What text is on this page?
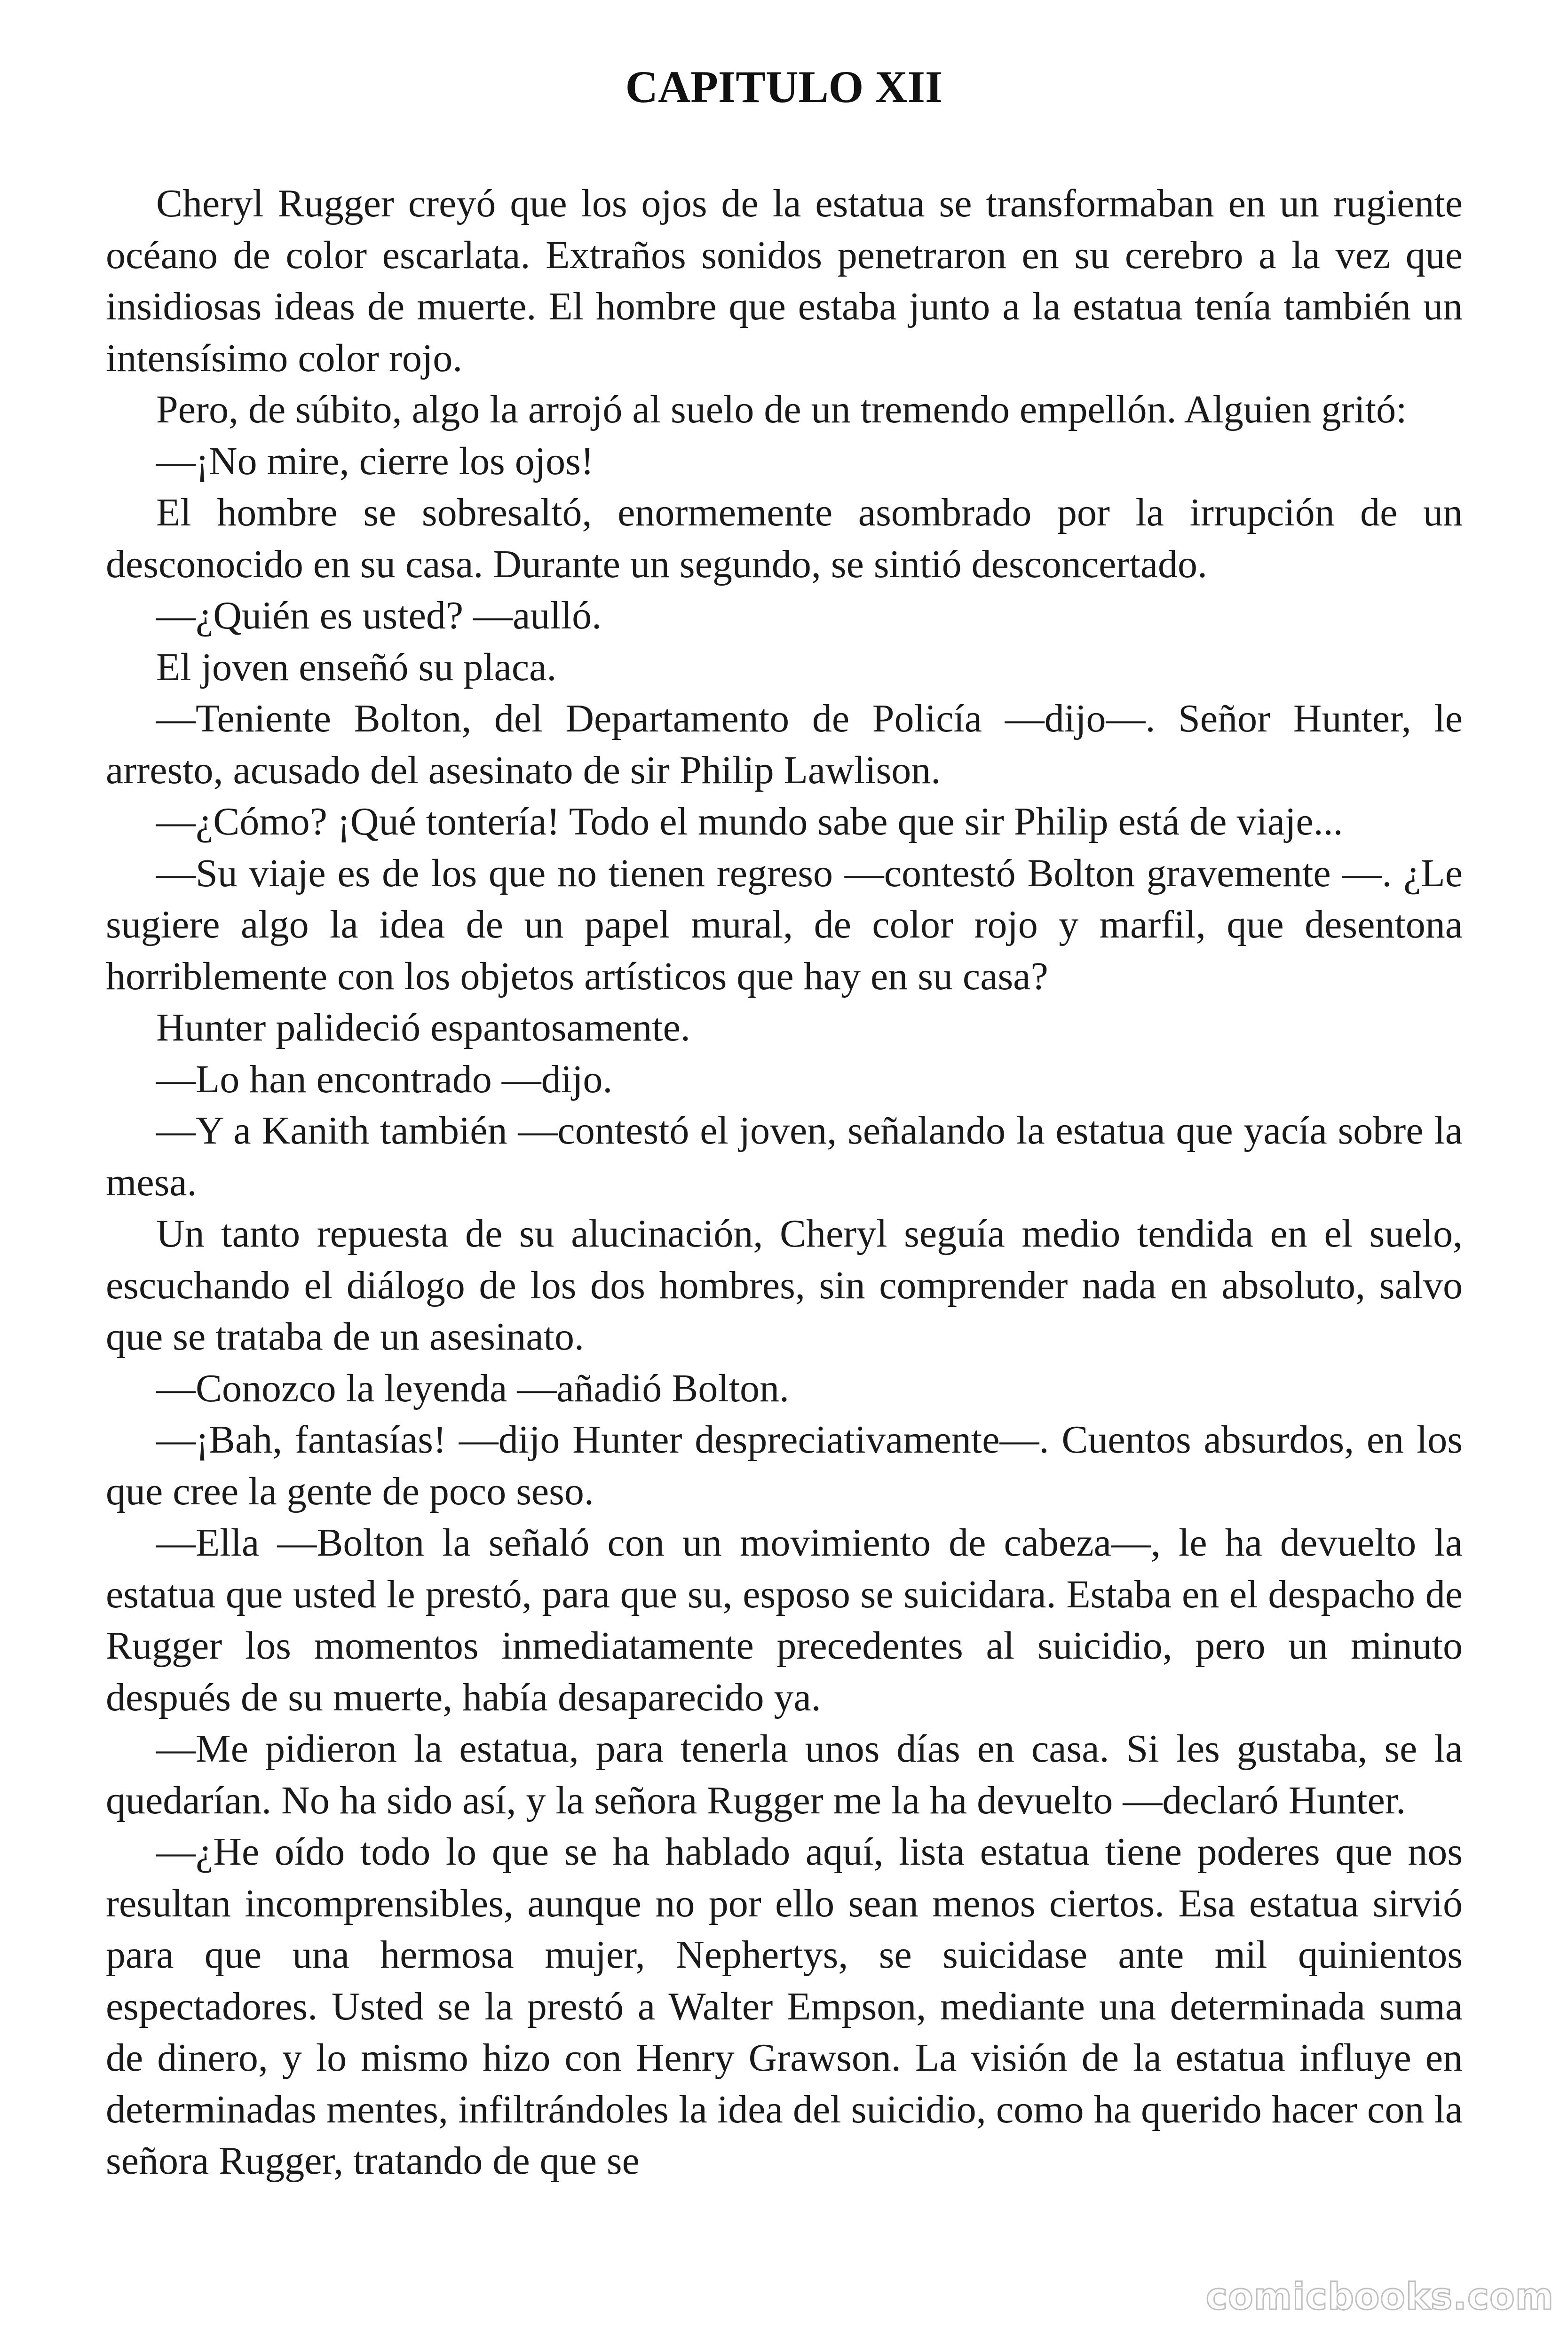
CAPITULO XII

Cheryl Rugger creyó que los ojos de la estatua se transformaban en un rugiente océano de color escarlata. Extraños sonidos penetraron en su cerebro a la vez que insidiosas ideas de muerte. El hombre que estaba junto a la estatua tenía también un intensísimo color rojo.

Pero, de súbito, algo la arrojó al suelo de un tremendo empellón. Alguien gritó:

—¡No mire, cierre los ojos!

El hombre se sobresaltó, enormemente asombrado por la irrupción de un desconocido en su casa. Durante un segundo, se sintió desconcertado.

—¿Quién es usted? —aulló.

El joven enseñó su placa.

—Teniente Bolton, del Departamento de Policía —dijo—. Señor Hunter, le arresto, acusado del asesinato de sir Philip Lawlison.

—¿Cómo? ¡Qué tontería! Todo el mundo sabe que sir Philip está de viaje...

—Su viaje es de los que no tienen regreso —contestó Bolton gravemente —. ¿Le sugiere algo la idea de un papel mural, de color rojo y marfil, que desentona horriblemente con los objetos artísticos que hay en su casa?

Hunter palideció espantosamente.

—Lo han encontrado —dijo.

—Y a Kanith también —contestó el joven, señalando la estatua que yacía sobre la mesa.

Un tanto repuesta de su alucinación, Cheryl seguía medio tendida en el suelo, escuchando el diálogo de los dos hombres, sin comprender nada en absoluto, salvo que se trataba de un asesinato.

—Conozco la leyenda —añadió Bolton.

—¡Bah, fantasías! —dijo Hunter despreciativamente—. Cuentos absurdos, en los que cree la gente de poco seso.

—Ella —Bolton la señaló con un movimiento de cabeza—, le ha devuelto la estatua que usted le prestó, para que su, esposo se suicidara. Estaba en el despacho de Rugger los momentos inmediatamente precedentes al suicidio, pero un minuto después de su muerte, había desaparecido ya.

—Me pidieron la estatua, para tenerla unos días en casa. Si les gustaba, se la quedarían. No ha sido así, y la señora Rugger me la ha devuelto —declaró Hunter.

—¿He oído todo lo que se ha hablado aquí, lista estatua tiene poderes que nos resultan incomprensibles, aunque no por ello sean menos ciertos. Esa estatua sirvió para que una hermosa mujer, Nephertys, se suicidase ante mil quinientos espectadores. Usted se la prestó a Walter Empson, mediante una determinada suma de dinero, y lo mismo hizo con Henry Grawson. La visión de la estatua influye en determinadas mentes, infiltrándoles la idea del suicidio, como ha querido hacer con la señora Rugger, tratando de que se

comicbooks.com
